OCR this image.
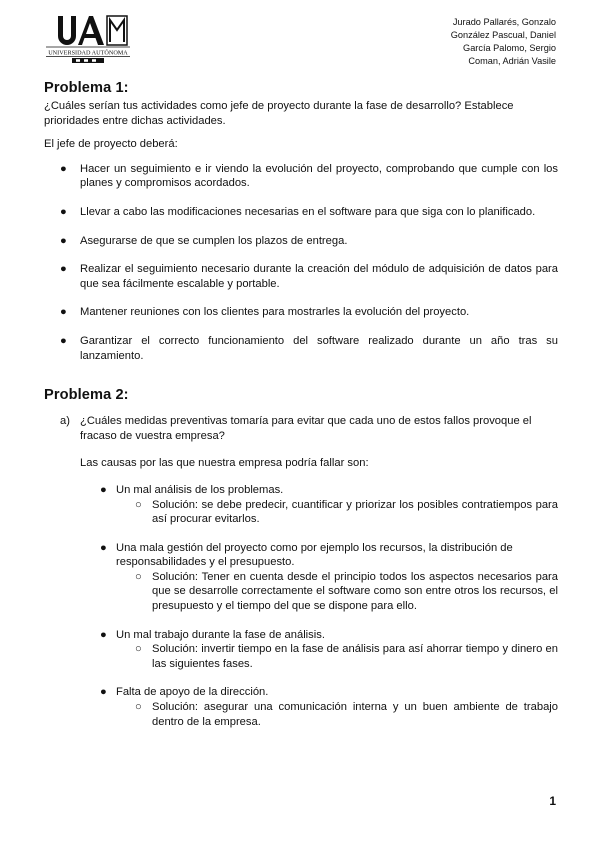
UNIVERSIDAD AUTÓNOMA
Jurado Pallarés, Gonzalo
González Pascual, Daniel
García Palomo, Sergio
Coman, Adrián Vasile
Problema 1:

¿Cuáles serían tus actividades como jefe de proyecto durante la fase de desarrollo? Establece prioridades entre dichas actividades.

El jefe de proyecto deberá:

● Hacer un seguimiento e ir viendo la evolución del proyecto, comprobando que cumple con los planes y compromisos acordados.
● Llevar a cabo las modificaciones necesarias en el software para que siga con lo planificado.
● Asegurarse de que se cumplen los plazos de entrega.
● Realizar el seguimiento necesario durante la creación del módulo de adquisición de datos para que sea fácilmente escalable y portable.
● Mantener reuniones con los clientes para mostrarles la evolución del proyecto.
● Garantizar el correcto funcionamiento del software realizado durante un año tras su lanzamiento.
Problema 2:
a) ¿Cuáles medidas preventivas tomaría para evitar que cada uno de estos fallos provoque el fracaso de vuestra empresa?

Las causas por las que nuestra empresa podría fallar son:

● Un mal análisis de los problemas.
○ Solución: se debe predecir, cuantificar y priorizar los posibles contratiempos para así procurar evitarlos.
● Una mala gestión del proyecto como por ejemplo los recursos, la distribución de responsabilidades y el presupuesto.
○ Solución: Tener en cuenta desde el principio todos los aspectos necesarios para que se desarrolle correctamente el software como son entre otros los recursos, el presupuesto y el tiempo del que se dispone para ello.
● Un mal trabajo durante la fase de análisis.
○ Solución: invertir tiempo en la fase de análisis para así ahorrar tiempo y dinero en las siguientes fases.
● Falta de apoyo de la dirección.
○ Solución: asegurar una comunicación interna y un buen ambiente de trabajo dentro de la empresa.
1
